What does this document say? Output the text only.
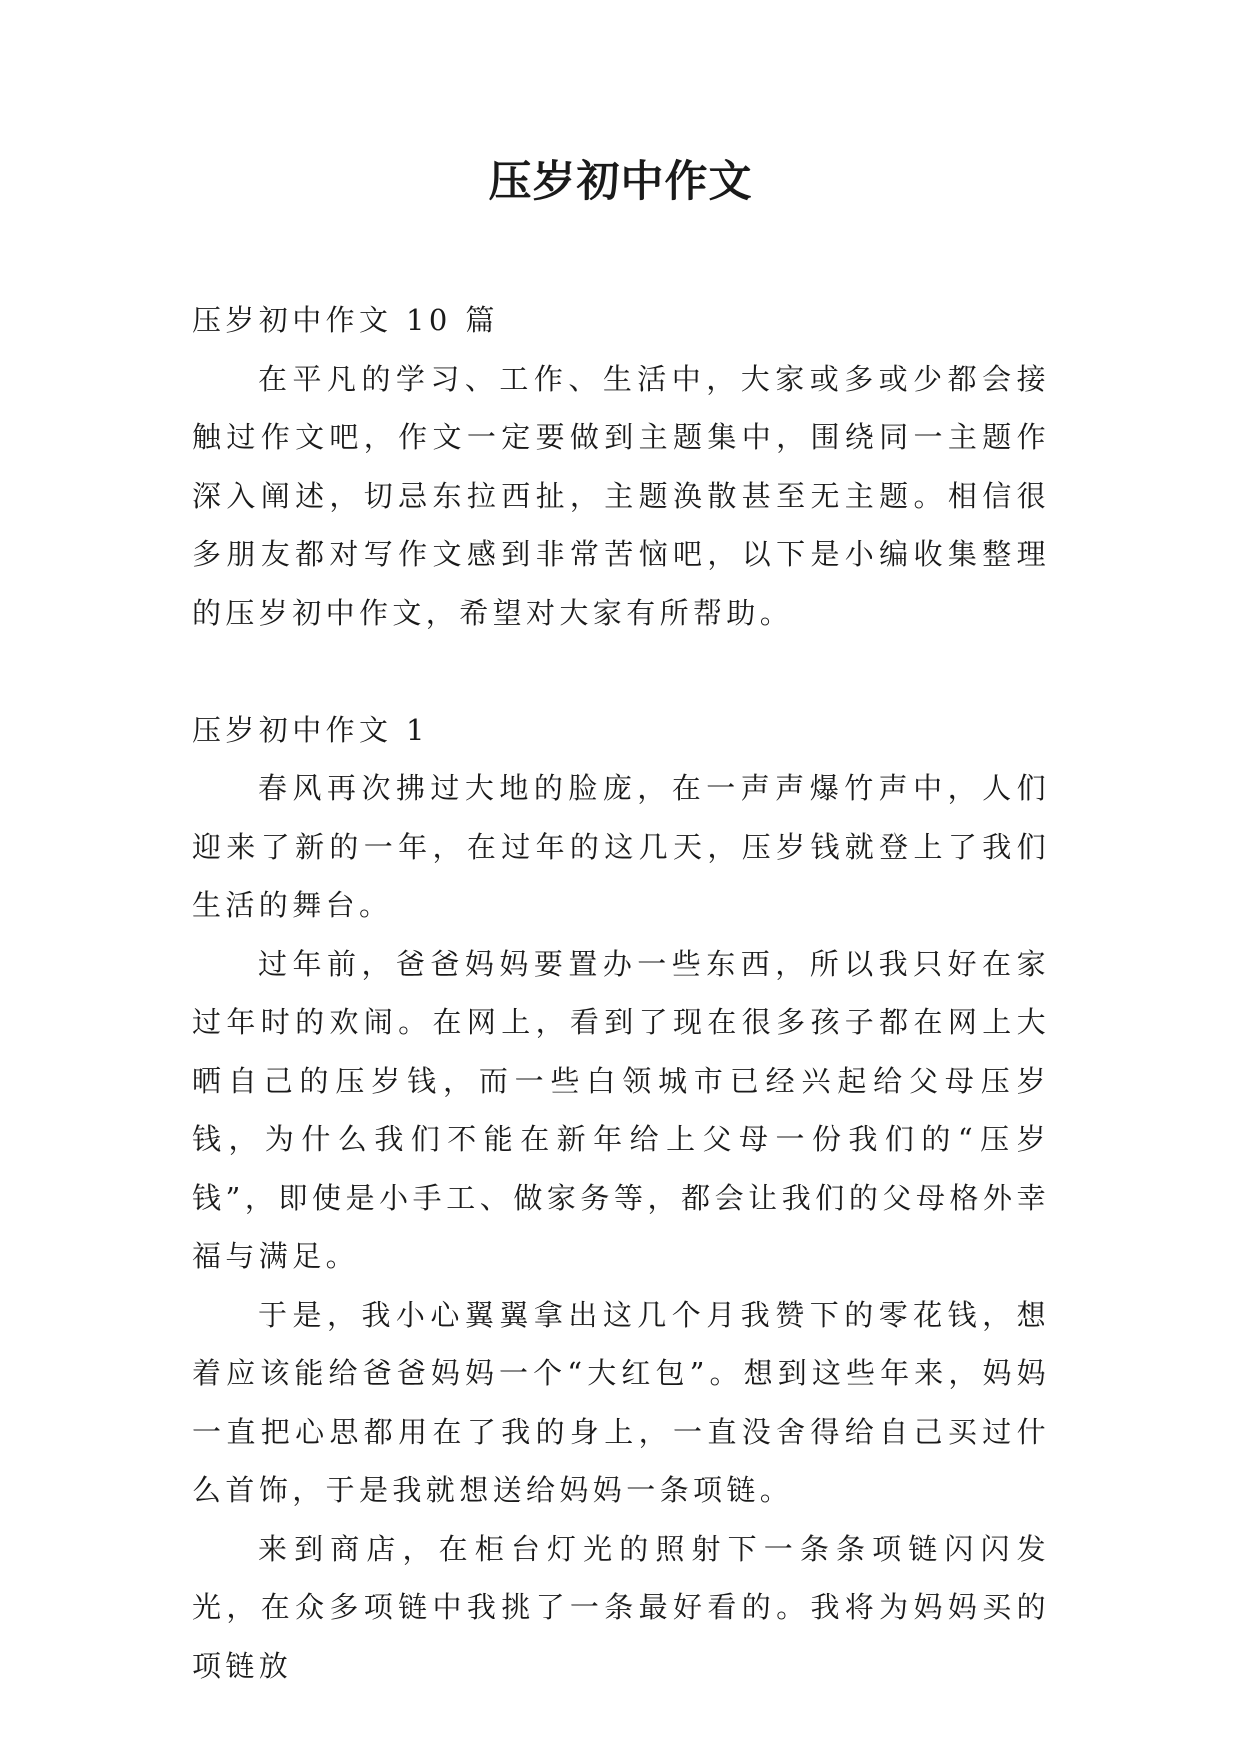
压岁初中作文

压岁初中作文 10 篇

在平凡的学习、工作、生活中，大家或多或少都会接触过作文吧，作文一定要做到主题集中，围绕同一主题作深入阐述，切忌东拉西扯，主题涣散甚至无主题。相信很多朋友都对写作文感到非常苦恼吧，以下是小编收集整理的压岁初中作文，希望对大家有所帮助。

压岁初中作文 1

春风再次拂过大地的脸庞，在一声声爆竹声中，人们迎来了新的一年，在过年的这几天，压岁钱就登上了我们生活的舞台。

过年前，爸爸妈妈要置办一些东西，所以我只好在家过年时的欢闹。在网上，看到了现在很多孩子都在网上大晒自己的压岁钱，而一些白领城市已经兴起给父母压岁钱，为什么我们不能在新年给上父母一份我们的“压岁钱”，即使是小手工、做家务等，都会让我们的父母格外幸福与满足。

于是，我小心翼翼拿出这几个月我赞下的零花钱，想着应该能给爸爸妈妈一个“大红包”。想到这些年来，妈妈一直把心思都用在了我的身上，一直没舍得给自己买过什么首饰，于是我就想送给妈妈一条项链。

来到商店，在柜台灯光的照射下一条条项链闪闪发光，在众多项链中我挑了一条最好看的。我将为妈妈买的项链放
